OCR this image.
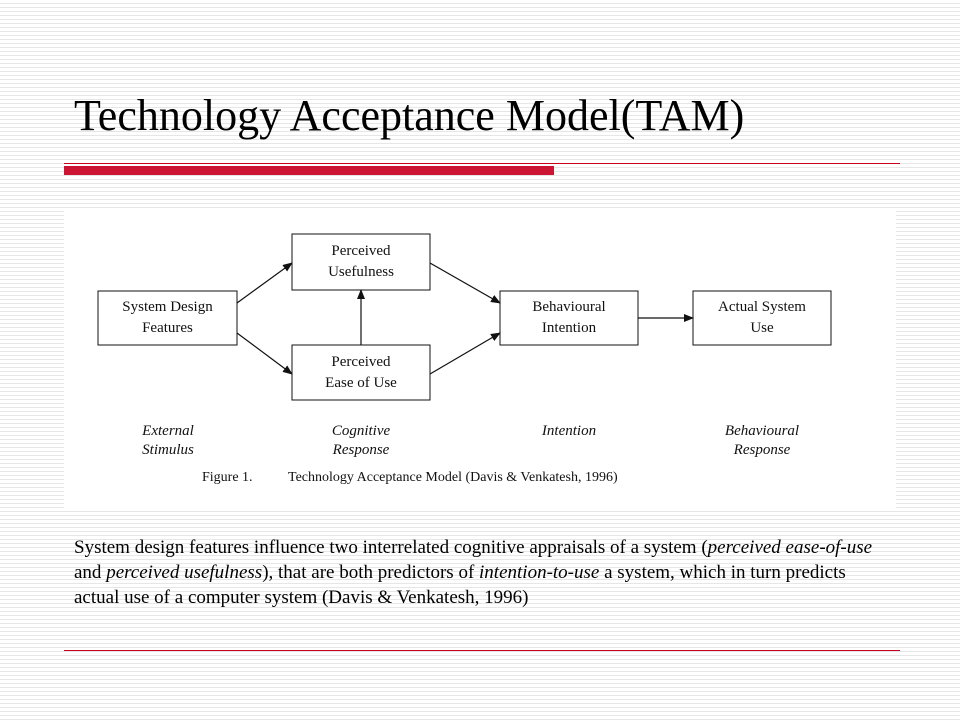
Technology Acceptance Model(TAM)
System Design
Features
Perceived
Usefulness
Perceived
Ease of Use
Behavioural
Intention
Actual System
Use
External
Stimulus
Cognitive
Response
Intention	Behavioural
Response
Figure 1.	Technology Acceptance Model (Davis & Venkatesh, 1996)

System design features influence two interrelated cognitive appraisals of a system (perceived ease-of-use and perceived usefulness), that are both predictors of intention-to-use a system, which in turn predicts actual use of a computer system (Davis & Venkatesh, 1996)
